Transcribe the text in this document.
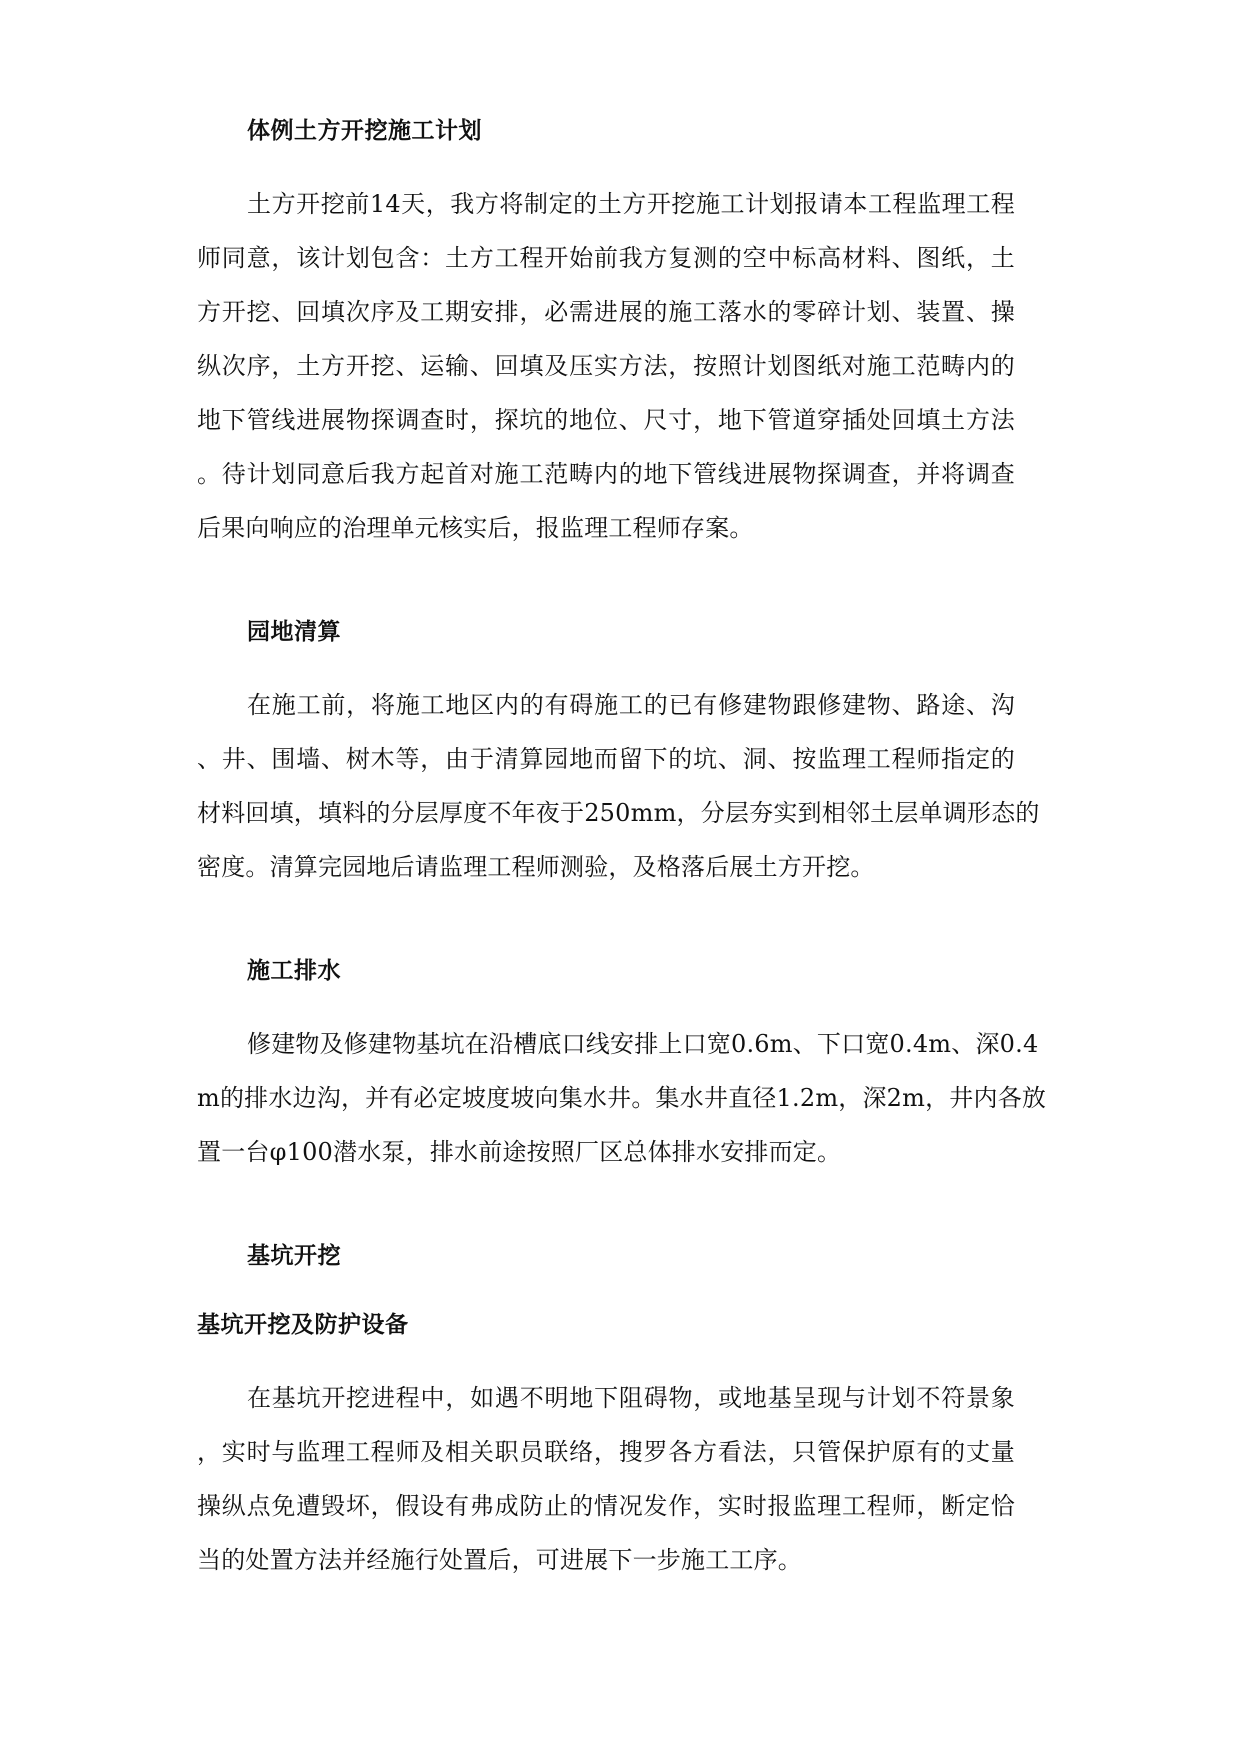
体例土方开挖施工计划
土方开挖前14天，我方将制定的土方开挖施工计划报请本工程监理工程
师同意，该计划包含：土方工程开始前我方复测的空中标高材料、图纸，土
方开挖、回填次序及工期安排，必需进展的施工落水的零碎计划、装置、操
纵次序，土方开挖、运输、回填及压实方法，按照计划图纸对施工范畴内的
地下管线进展物探调查时，探坑的地位、尺寸，地下管道穿插处回填土方法
。待计划同意后我方起首对施工范畴内的地下管线进展物探调查，并将调查
后果向响应的治理单元核实后，报监理工程师存案。
园地清算
在施工前，将施工地区内的有碍施工的已有修建物跟修建物、路途、沟
、井、围墙、树木等，由于清算园地而留下的坑、洞、按监理工程师指定的
材料回填，填料的分层厚度不年夜于250mm，分层夯实到相邻土层单调形态的
密度。清算完园地后请监理工程师测验，及格落后展土方开挖。
施工排水
修建物及修建物基坑在沿槽底口线安排上口宽0.6m、下口宽0.4m、深0.4
m的排水边沟，并有必定坡度坡向集水井。集水井直径1.2m，深2m，井内各放
置一台φ100潜水泵，排水前途按照厂区总体排水安排而定。
基坑开挖
基坑开挖及防护设备
在基坑开挖进程中，如遇不明地下阻碍物，或地基呈现与计划不符景象
，实时与监理工程师及相关职员联络，搜罗各方看法，只管保护原有的丈量
操纵点免遭毁坏，假设有弗成防止的情况发作，实时报监理工程师，断定恰
当的处置方法并经施行处置后，可进展下一步施工工序。
